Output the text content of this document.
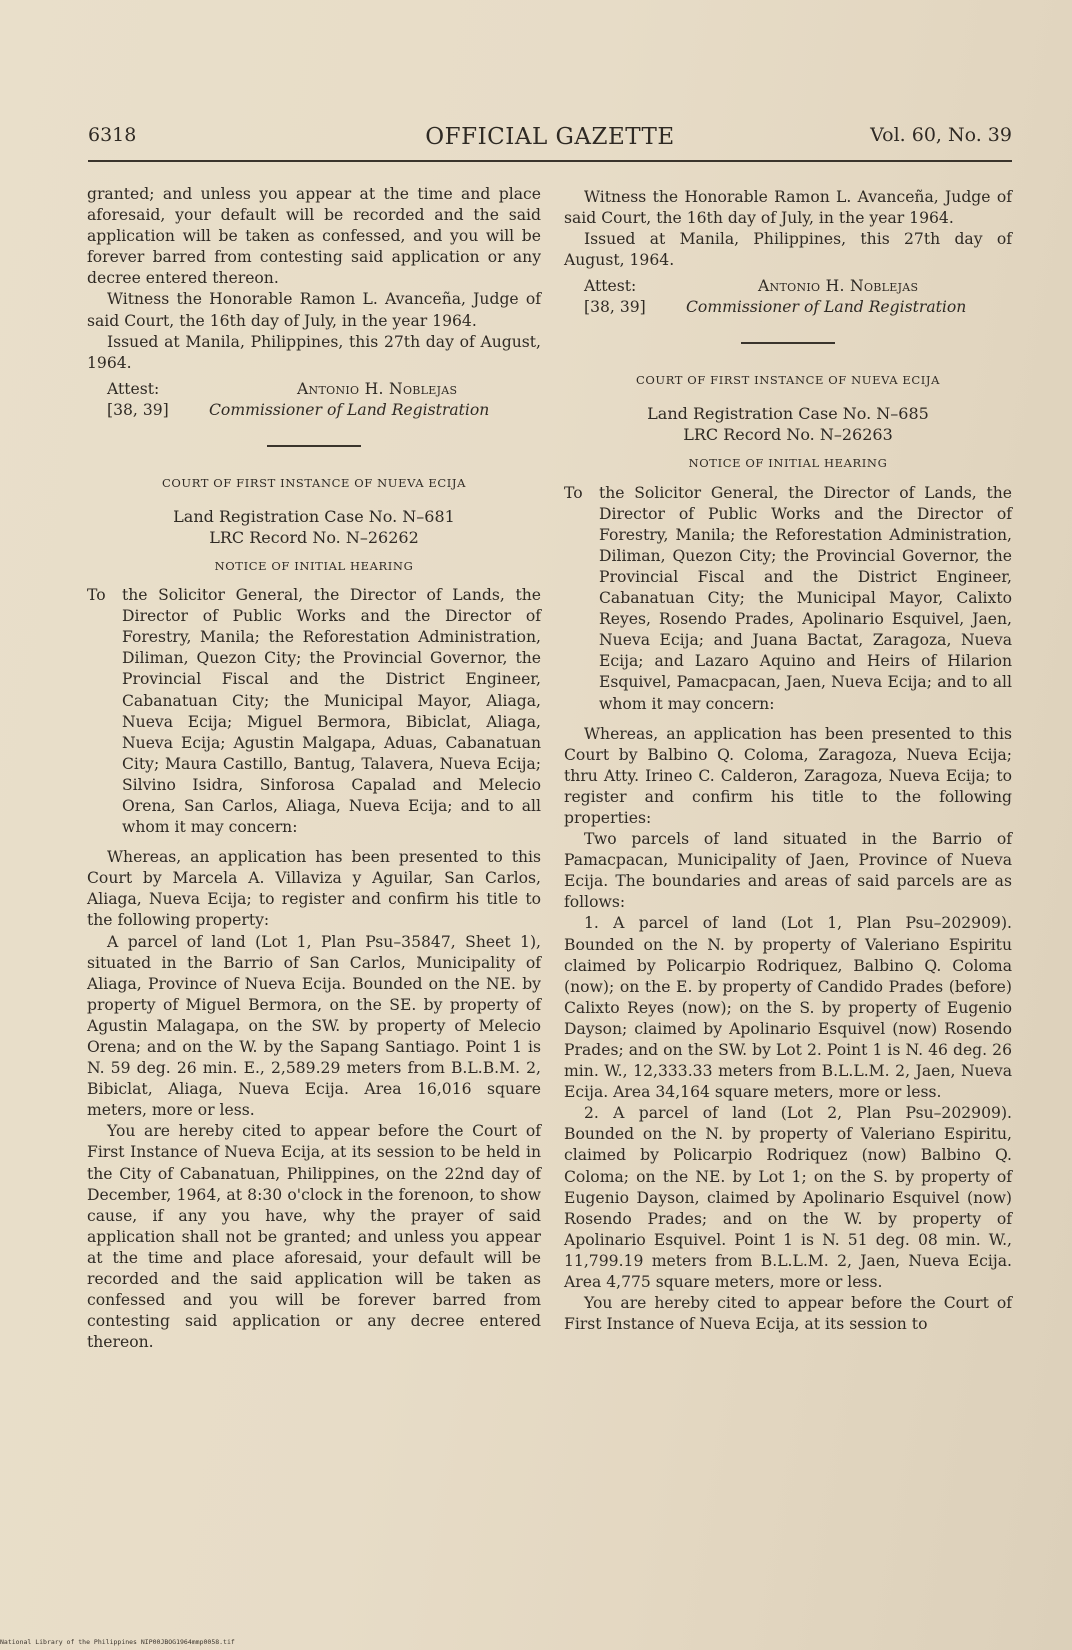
OFFICIAL GAZETTE
6318	Vol. 60, No. 39

granted; and unless you appear at the time and place aforesaid, your default will be recorded and the said application will be taken as confessed, and you will be forever barred from contesting said application or any decree entered thereon.

Witness the Honorable Ramon L. Avanceña, Judge of said Court, the 16th day of July, in the year 1964.

Issued at Manila, Philippines, this 27th day of August, 1964.

Attest:
[38, 39]
Antonio H. Noblejas
Commissioner of Land Registration
COURT OF FIRST INSTANCE OF NUEVA ECIJA
Land Registration Case No. N–681
LRC Record No. N–26262
NOTICE OF INITIAL HEARING
To the Solicitor General, the Director of Lands, the Director of Public Works and the Director of Forestry, Manila; the Reforestation Administration, Diliman, Quezon City; the Provincial Governor, the Provincial Fiscal and the District Engineer, Cabanatuan City; the Municipal Mayor, Aliaga, Nueva Ecija; Miguel Bermora, Bibiclat, Aliaga, Nueva Ecija; Agustin Malgapa, Aduas, Cabanatuan City; Maura Castillo, Bantug, Talavera, Nueva Ecija; Silvino Isidra, Sinforosa Capalad and Melecio Orena, San Carlos, Aliaga, Nueva Ecija; and to all whom it may concern:

Whereas, an application has been presented to this Court by Marcela A. Villaviza y Aguilar, San Carlos, Aliaga, Nueva Ecija; to register and confirm his title to the following property:

A parcel of land (Lot 1, Plan Psu–35847, Sheet 1), situated in the Barrio of San Carlos, Municipality of Aliaga, Province of Nueva Ecija. Bounded on the NE. by property of Miguel Bermora, on the SE. by property of Agustin Malagapa, on the SW. by property of Melecio Orena; and on the W. by the Sapang Santiago. Point 1 is N. 59 deg. 26 min. E., 2,589.29 meters from B.L.B.M. 2, Bibiclat, Aliaga, Nueva Ecija. Area 16,016 square meters, more or less.

You are hereby cited to appear before the Court of First Instance of Nueva Ecija, at its session to be held in the City of Cabanatuan, Philippines, on the 22nd day of December, 1964, at 8:30 o'clock in the forenoon, to show cause, if any you have, why the prayer of said application shall not be granted; and unless you appear at the time and place aforesaid, your default will be recorded and the said application will be taken as confessed and you will be forever barred from contesting said application or any decree entered thereon.

Witness the Honorable Ramon L. Avanceña, Judge of said Court, the 16th day of July, in the year 1964.

Issued at Manila, Philippines, this 27th day of August, 1964.

Attest:
[38, 39]
Antonio H. Noblejas
Commissioner of Land Registration
COURT OF FIRST INSTANCE OF NUEVA ECIJA
Land Registration Case No. N–685
LRC Record No. N–26263
NOTICE OF INITIAL HEARING
To the Solicitor General, the Director of Lands, the Director of Public Works and the Director of Forestry, Manila; the Reforestation Administration, Diliman, Quezon City; the Provincial Governor, the Provincial Fiscal and the District Engineer, Cabanatuan City; the Municipal Mayor, Calixto Reyes, Rosendo Prades, Apolinario Esquivel, Jaen, Nueva Ecija; and Juana Bactat, Zaragoza, Nueva Ecija; and Lazaro Aquino and Heirs of Hilarion Esquivel, Pamacpacan, Jaen, Nueva Ecija; and to all whom it may concern:

Whereas, an application has been presented to this Court by Balbino Q. Coloma, Zaragoza, Nueva Ecija; thru Atty. Irineo C. Calderon, Zaragoza, Nueva Ecija; to register and confirm his title to the following properties:

Two parcels of land situated in the Barrio of Pamacpacan, Municipality of Jaen, Province of Nueva Ecija. The boundaries and areas of said parcels are as follows:

1. A parcel of land (Lot 1, Plan Psu–202909). Bounded on the N. by property of Valeriano Espiritu claimed by Policarpio Rodriquez, Balbino Q. Coloma (now); on the E. by property of Candido Prades (before) Calixto Reyes (now); on the S. by property of Eugenio Dayson; claimed by Apolinario Esquivel (now) Rosendo Prades; and on the SW. by Lot 2. Point 1 is N. 46 deg. 26 min. W., 12,333.33 meters from B.L.L.M. 2, Jaen, Nueva Ecija. Area 34,164 square meters, more or less.

2. A parcel of land (Lot 2, Plan Psu–202909). Bounded on the N. by property of Valeriano Espiritu, claimed by Policarpio Rodriquez (now) Balbino Q. Coloma; on the NE. by Lot 1; on the S. by property of Eugenio Dayson, claimed by Apolinario Esquivel (now) Rosendo Prades; and on the W. by property of Apolinario Esquivel. Point 1 is N. 51 deg. 08 min. W., 11,799.19 meters from B.L.L.M. 2, Jaen, Nueva Ecija. Area 4,775 square meters, more or less.

You are hereby cited to appear before the Court of First Instance of Nueva Ecija, at its session to

National Library of the Philippines NIP00JBOG1964mmp0058.tif
